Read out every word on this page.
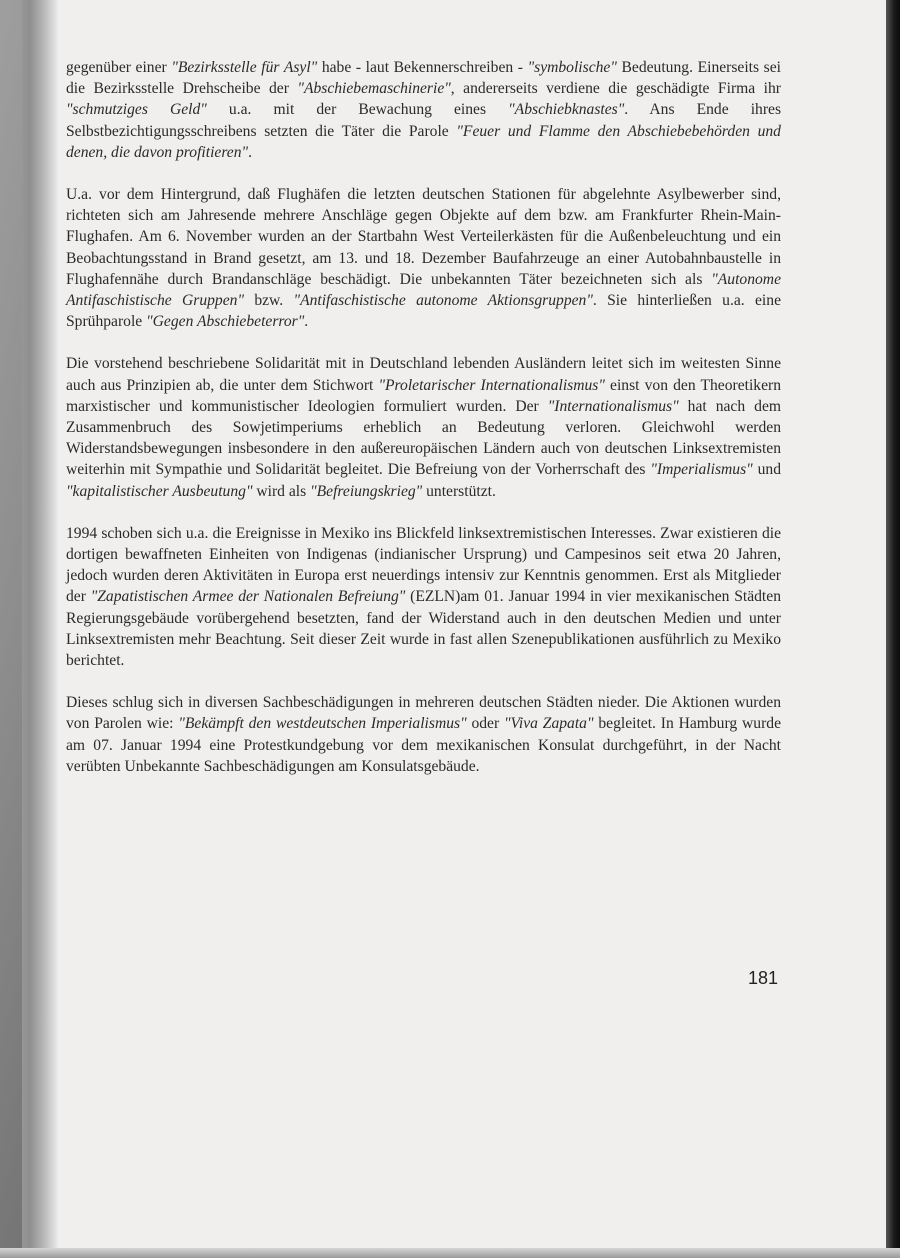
gegenüber einer "Bezirksstelle für Asyl" habe - laut Bekennerschreiben - "symbolische" Bedeutung. Einerseits sei die Bezirksstelle Drehscheibe der "Abschiebemaschinerie", andererseits verdiene die geschädigte Firma ihr "schmutziges Geld" u.a. mit der Bewachung eines "Abschiebknastes". Ans Ende ihres Selbstbezichtigungsschreibens setzten die Täter die Parole "Feuer und Flamme den Abschiebebehörden und denen, die davon profitieren".

U.a. vor dem Hintergrund, daß Flughäfen die letzten deutschen Stationen für abgelehnte Asylbewerber sind, richteten sich am Jahresende mehrere Anschläge gegen Objekte auf dem bzw. am Frankfurter Rhein-Main-Flughafen. Am 6. November wurden an der Startbahn West Verteilerkästen für die Außenbeleuchtung und ein Beobachtungsstand in Brand gesetzt, am 13. und 18. Dezember Baufahrzeuge an einer Autobahnbaustelle in Flughafennähe durch Brandanschläge beschädigt. Die unbekannten Täter bezeichneten sich als "Autonome Antifaschistische Gruppen" bzw. "Antifaschistische autonome Aktionsgruppen". Sie hinterließen u.a. eine Sprühparole "Gegen Abschiebeterror".

Die vorstehend beschriebene Solidarität mit in Deutschland lebenden Ausländern leitet sich im weitesten Sinne auch aus Prinzipien ab, die unter dem Stichwort "Proletarischer Internationalismus" einst von den Theoretikern marxistischer und kommunistischer Ideologien formuliert wurden. Der "Internationalismus" hat nach dem Zusammenbruch des Sowjetimperiums erheblich an Bedeutung verloren. Gleichwohl werden Widerstandsbewegungen insbesondere in den außereuropäischen Ländern auch von deutschen Linksextremisten weiterhin mit Sympathie und Solidarität begleitet. Die Befreiung von der Vorherrschaft des "Imperialismus" und "kapitalistischer Ausbeutung" wird als "Befreiungskrieg" unterstützt.

1994 schoben sich u.a. die Ereignisse in Mexiko ins Blickfeld linksextremistischen Interesses. Zwar existieren die dortigen bewaffneten Einheiten von Indigenas (indianischer Ursprung) und Campesinos seit etwa 20 Jahren, jedoch wurden deren Aktivitäten in Europa erst neuerdings intensiv zur Kenntnis genommen. Erst als Mitglieder der "Zapatistischen Armee der Nationalen Befreiung" (EZLN)am 01. Januar 1994 in vier mexikanischen Städten Regierungsgebäude vorübergehend besetzten, fand der Widerstand auch in den deutschen Medien und unter Linksextremisten mehr Beachtung. Seit dieser Zeit wurde in fast allen Szenepublikationen ausführlich zu Mexiko berichtet.

Dieses schlug sich in diversen Sachbeschädigungen in mehreren deutschen Städten nieder. Die Aktionen wurden von Parolen wie: "Bekämpft den westdeutschen Imperialismus" oder "Viva Zapata" begleitet. In Hamburg wurde am 07. Januar 1994 eine Protestkundgebung vor dem mexikanischen Konsulat durchgeführt, in der Nacht verübten Unbekannte Sachbeschädigungen am Konsulatsgebäude.

181
